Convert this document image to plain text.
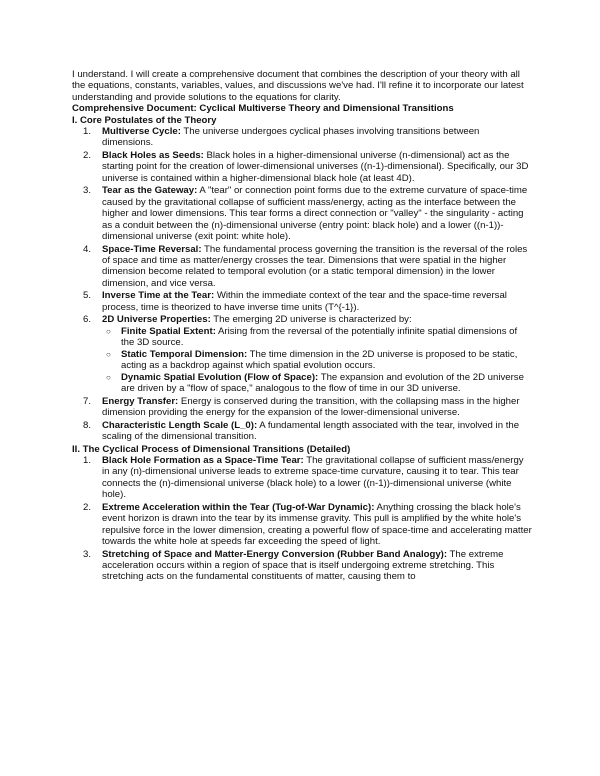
I understand. I will create a comprehensive document that combines the description of your theory with all the equations, constants, variables, values, and discussions we've had. I'll refine it to incorporate our latest understanding and provide solutions to the equations for clarity.

Comprehensive Document: Cyclical Multiverse Theory and Dimensional Transitions

I. Core Postulates of the Theory

1. Multiverse Cycle: The universe undergoes cyclical phases involving transitions between dimensions.
2. Black Holes as Seeds: Black holes in a higher-dimensional universe (n-dimensional) act as the starting point for the creation of lower-dimensional universes ((n-1)-dimensional). Specifically, our 3D universe is contained within a higher-dimensional black hole (at least 4D).
3. Tear as the Gateway: A "tear" or connection point forms due to the extreme curvature of space-time caused by the gravitational collapse of sufficient mass/energy, acting as the interface between the higher and lower dimensions. This tear forms a direct connection or "valley" - the singularity - acting as a conduit between the (n)-dimensional universe (entry point: black hole) and a lower ((n-1))-dimensional universe (exit point: white hole).
4. Space-Time Reversal: The fundamental process governing the transition is the reversal of the roles of space and time as matter/energy crosses the tear. Dimensions that were spatial in the higher dimension become related to temporal evolution (or a static temporal dimension) in the lower dimension, and vice versa.
5. Inverse Time at the Tear: Within the immediate context of the tear and the space-time reversal process, time is theorized to have inverse time units (T^{-1}).
6. 2D Universe Properties: The emerging 2D universe is characterized by:
○ Finite Spatial Extent: Arising from the reversal of the potentially infinite spatial dimensions of the 3D source.
○ Static Temporal Dimension: The time dimension in the 2D universe is proposed to be static, acting as a backdrop against which spatial evolution occurs.
○ Dynamic Spatial Evolution (Flow of Space): The expansion and evolution of the 2D universe are driven by a "flow of space," analogous to the flow of time in our 3D universe.
7. Energy Transfer: Energy is conserved during the transition, with the collapsing mass in the higher dimension providing the energy for the expansion of the lower-dimensional universe.
8. Characteristic Length Scale (L_0): A fundamental length associated with the tear, involved in the scaling of the dimensional transition.

II. The Cyclical Process of Dimensional Transitions (Detailed)

1. Black Hole Formation as a Space-Time Tear: The gravitational collapse of sufficient mass/energy in any (n)-dimensional universe leads to extreme space-time curvature, causing it to tear. This tear connects the (n)-dimensional universe (black hole) to a lower ((n-1))-dimensional universe (white hole).
2. Extreme Acceleration within the Tear (Tug-of-War Dynamic): Anything crossing the black hole's event horizon is drawn into the tear by its immense gravity. This pull is amplified by the white hole's repulsive force in the lower dimension, creating a powerful flow of space-time and accelerating matter towards the white hole at speeds far exceeding the speed of light.
3. Stretching of Space and Matter-Energy Conversion (Rubber Band Analogy): The extreme acceleration occurs within a region of space that is itself undergoing extreme stretching. This stretching acts on the fundamental constituents of matter, causing them to
